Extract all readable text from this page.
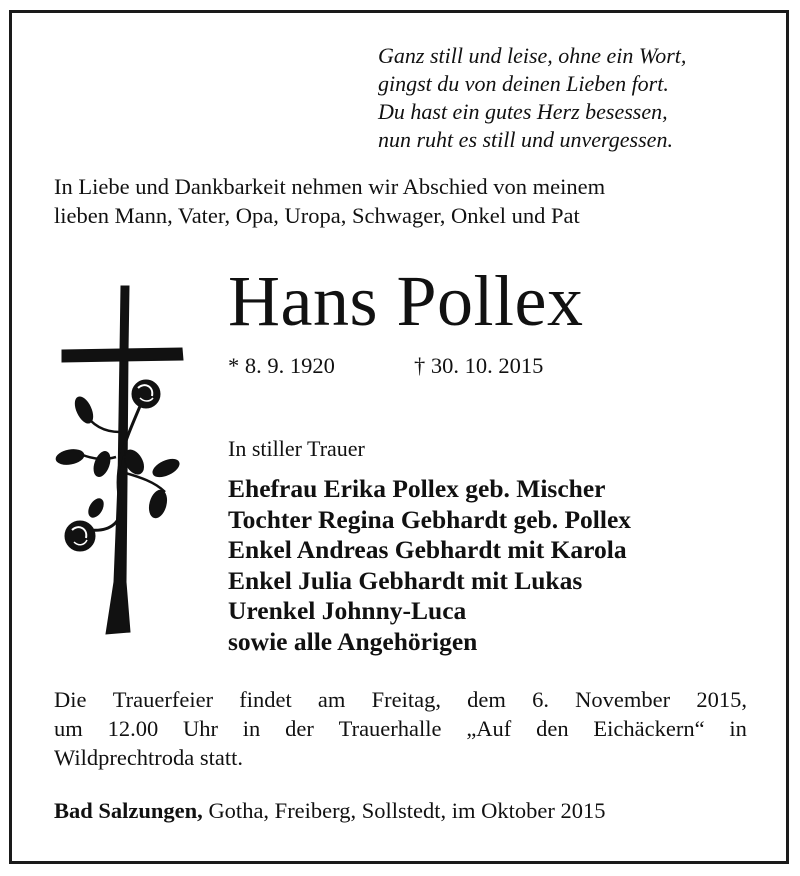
Ganz still und leise, ohne ein Wort,
gingst du von deinen Lieben fort.
Du hast ein gutes Herz besessen,
nun ruht es still und unvergessen.
In Liebe und Dankbarkeit nehmen wir Abschied von meinem
lieben Mann, Vater, Opa, Uropa, Schwager, Onkel und Pat
Hans Pollex
* 8. 9. 1920	† 30. 10. 2015
In stiller Trauer
Ehefrau Erika Pollex geb. Mischer
Tochter Regina Gebhardt geb. Pollex
Enkel Andreas Gebhardt mit Karola
Enkel Julia Gebhardt mit Lukas
Urenkel Johnny-Luca
sowie alle Angehörigen
Die Trauerfeier findet am Freitag, dem 6. November 2015,
um 12.00 Uhr in der Trauerhalle „Auf den Eichäckern“ in
Wildprechtroda statt.
Bad Salzungen, Gotha, Freiberg, Sollstedt, im Oktober 2015
